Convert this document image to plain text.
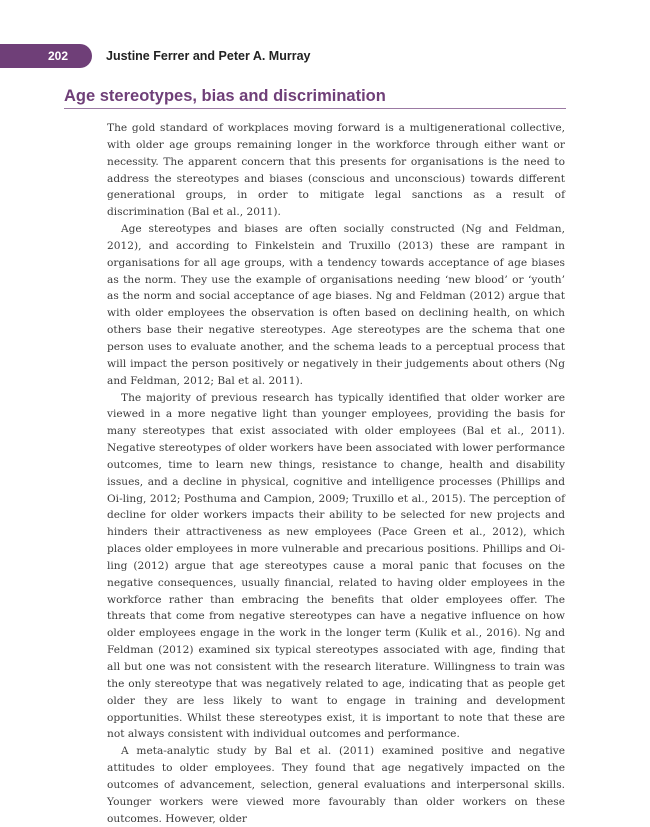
202	Justine Ferrer and Peter A. Murray
Age stereotypes, bias and discrimination

The gold standard of workplaces moving forward is a multigenerational collective, with older age groups remaining longer in the workforce through either want or necessity. The apparent concern that this presents for organisations is the need to address the stereotypes and biases (conscious and unconscious) towards different generational groups, in order to mitigate legal sanctions as a result of discrimination (Bal et al., 2011).

Age stereotypes and biases are often socially constructed (Ng and Feldman, 2012), and according to Finkelstein and Truxillo (2013) these are rampant in organisations for all age groups, with a tendency towards acceptance of age biases as the norm. They use the example of organisations needing ‘new blood’ or ‘youth’ as the norm and social acceptance of age biases. Ng and Feldman (2012) argue that with older employees the observation is often based on declining health, on which others base their negative stereotypes. Age stereotypes are the schema that one person uses to evaluate another, and the schema leads to a perceptual process that will impact the person positively or negatively in their judgements about others (Ng and Feldman, 2012; Bal et al. 2011).

The majority of previous research has typically identified that older worker are viewed in a more negative light than younger employees, providing the basis for many stereotypes that exist associated with older employees (Bal et al., 2011). Negative stereotypes of older workers have been associated with lower performance outcomes, time to learn new things, resistance to change, health and disability issues, and a decline in physical, cognitive and intelligence processes (Phillips and Oi-ling, 2012; Posthuma and Campion, 2009; Truxillo et al., 2015). The perception of decline for older workers impacts their ability to be selected for new projects and hinders their attractiveness as new employees (Pace Green et al., 2012), which places older employees in more vulnerable and precarious positions. Phillips and Oi-ling (2012) argue that age stereotypes cause a moral panic that focuses on the negative consequences, usually financial, related to having older employees in the workforce rather than embracing the benefits that older employees offer. The threats that come from negative stereotypes can have a negative influence on how older employees engage in the work in the longer term (Kulik et al., 2016). Ng and Feldman (2012) examined six typical stereotypes associated with age, finding that all but one was not consistent with the research literature. Willingness to train was the only stereotype that was negatively related to age, indicating that as people get older they are less likely to want to engage in training and development opportunities. Whilst these stereotypes exist, it is important to note that these are not always consistent with individual outcomes and performance.

A meta-analytic study by Bal et al. (2011) examined positive and negative attitudes to older employees. They found that age negatively impacted on the outcomes of advancement, selection, general evaluations and interpersonal skills. Younger workers were viewed more favourably than older workers on these outcomes. However, older
